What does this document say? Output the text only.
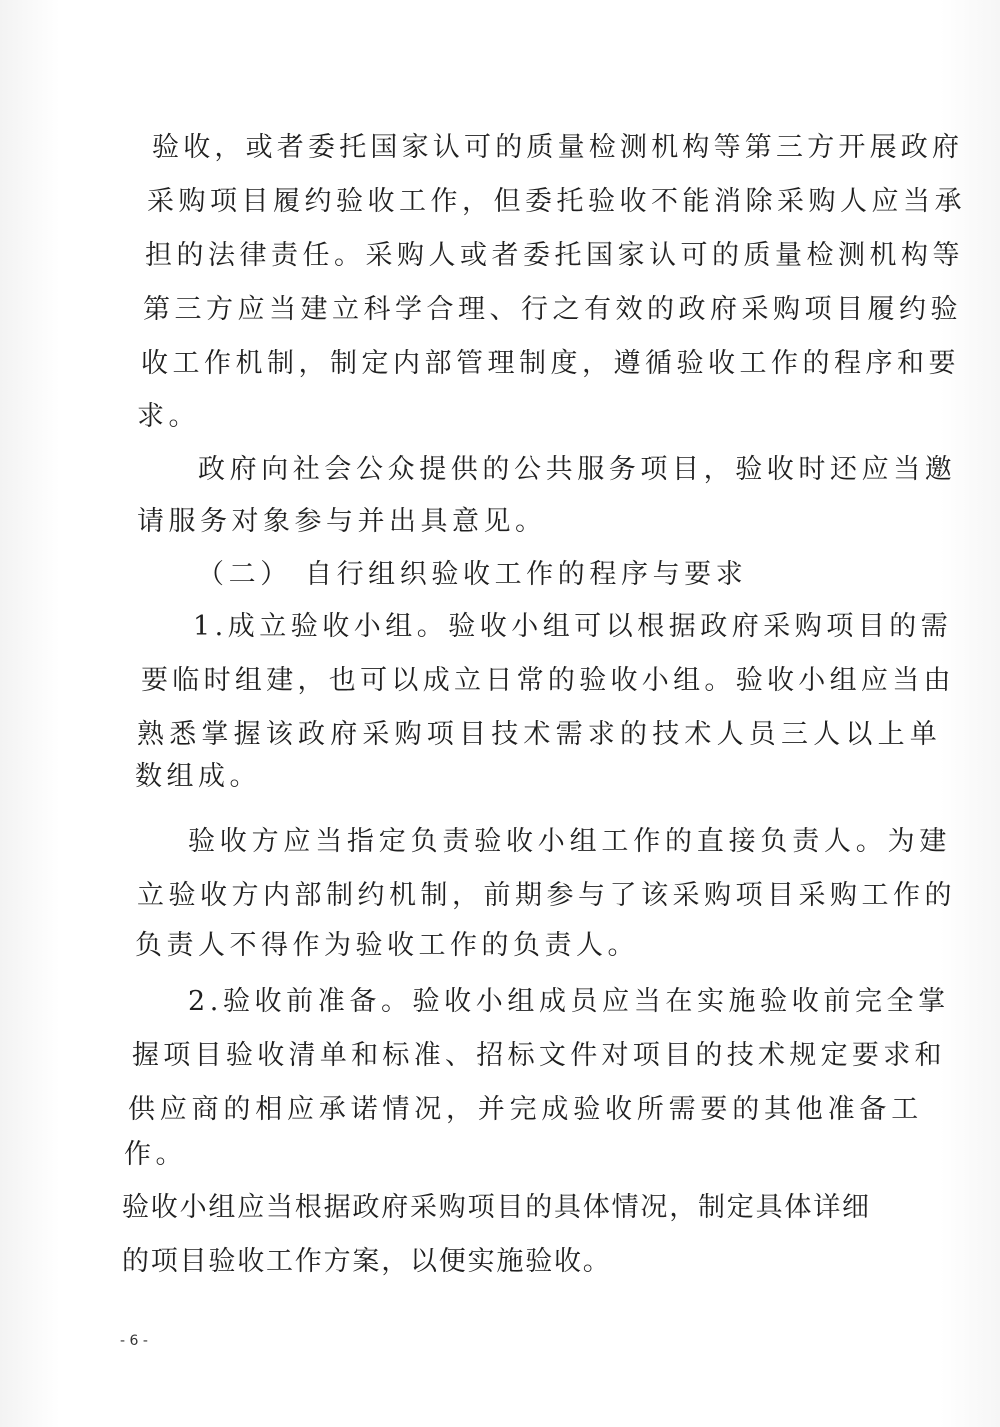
验收，或者委托国家认可的质量检测机构等第三方开展政府
采购项目履约验收工作，但委托验收不能消除采购人应当承
担的法律责任。采购人或者委托国家认可的质量检测机构等
第三方应当建立科学合理、行之有效的政府采购项目履约验
收工作机制，制定内部管理制度，遵循验收工作的程序和要
求。
政府向社会公众提供的公共服务项目，验收时还应当邀
请服务对象参与并出具意见。
（二） 自行组织验收工作的程序与要求
1.成立验收小组。验收小组可以根据政府采购项目的需
要临时组建，也可以成立日常的验收小组。验收小组应当由
熟悉掌握该政府采购项目技术需求的技术人员三人以上单
数组成。
验收方应当指定负责验收小组工作的直接负责人。为建
立验收方内部制约机制，前期参与了该采购项目采购工作的
负责人不得作为验收工作的负责人。
2.验收前准备。验收小组成员应当在实施验收前完全掌
握项目验收清单和标准、招标文件对项目的技术规定要求和
供应商的相应承诺情况，并完成验收所需要的其他准备工
作。
验收小组应当根据政府采购项目的具体情况，制定具体详细
的项目验收工作方案，以便实施验收。
- 6 -
